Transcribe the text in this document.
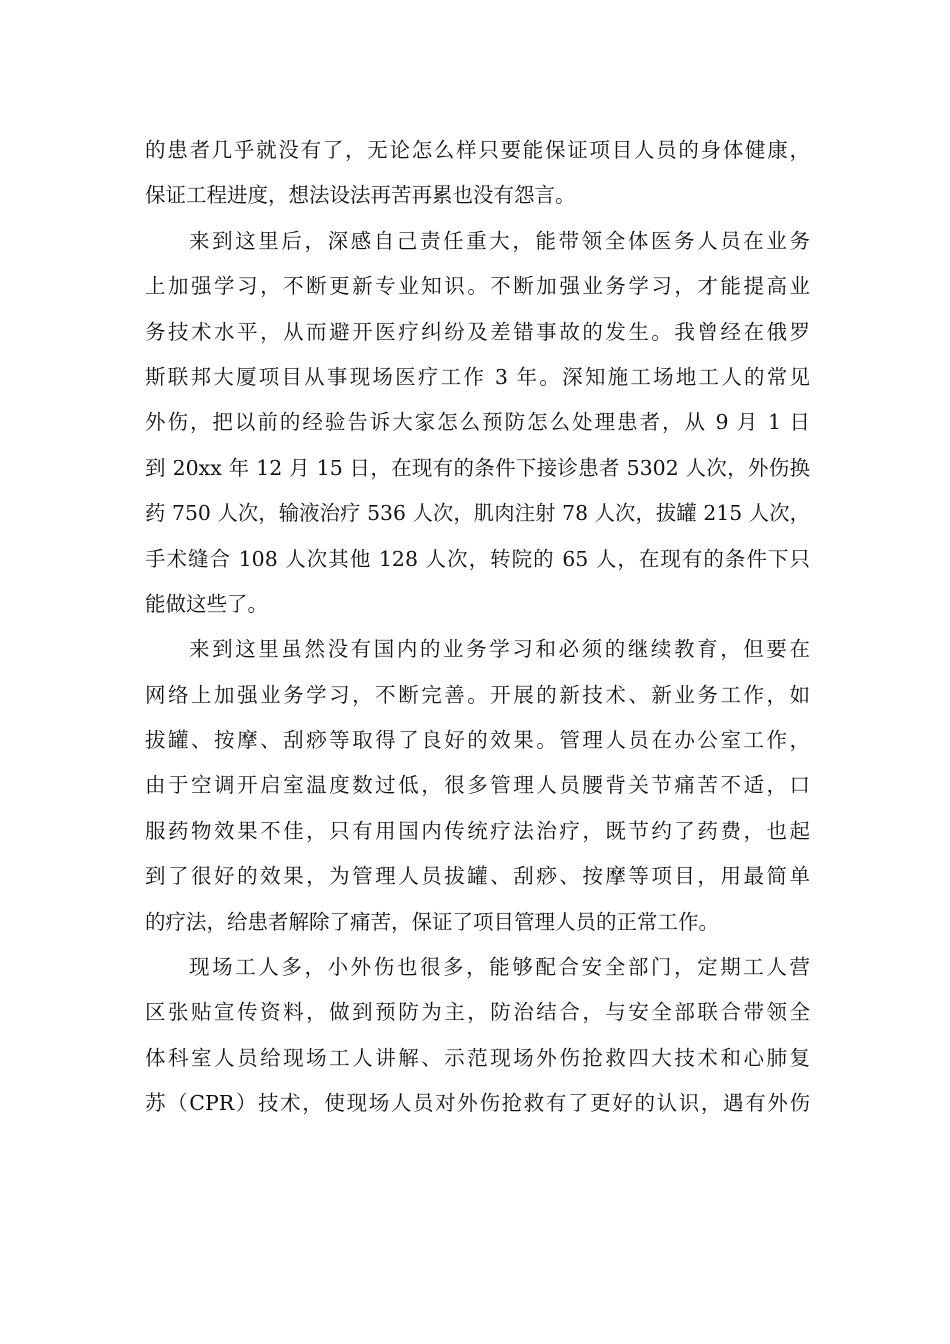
的患者几乎就没有了，无论怎么样只要能保证项目人员的身体健康，
保证工程进度，想法设法再苦再累也没有怨言。
来到这里后，深感自己责任重大，能带领全体医务人员在业务
上加强学习，不断更新专业知识。不断加强业务学习，才能提高业
务技术水平，从而避开医疗纠纷及差错事故的发生。我曾经在俄罗
斯联邦大厦项目从事现场医疗工作 3 年。深知施工场地工人的常见
外伤，把以前的经验告诉大家怎么预防怎么处理患者，从 9 月 1 日
到 20xx 年 12 月 15 日，在现有的条件下接诊患者 5302 人次，外伤换
药 750 人次，输液治疗 536 人次，肌肉注射 78 人次，拔罐 215 人次，
手术缝合 108 人次其他 128 人次，转院的 65 人，在现有的条件下只
能做这些了。
来到这里虽然没有国内的业务学习和必须的继续教育，但要在
网络上加强业务学习，不断完善。开展的新技术、新业务工作，如
拔罐、按摩、刮痧等取得了良好的效果。管理人员在办公室工作，
由于空调开启室温度数过低，很多管理人员腰背关节痛苦不适，口
服药物效果不佳，只有用国内传统疗法治疗，既节约了药费，也起
到了很好的效果，为管理人员拔罐、刮痧、按摩等项目，用最简单
的疗法，给患者解除了痛苦，保证了项目管理人员的正常工作。
现场工人多，小外伤也很多，能够配合安全部门，定期工人营
区张贴宣传资料，做到预防为主，防治结合，与安全部联合带领全
体科室人员给现场工人讲解、示范现场外伤抢救四大技术和心肺复
苏（CPR）技术，使现场人员对外伤抢救有了更好的认识，遇有外伤
